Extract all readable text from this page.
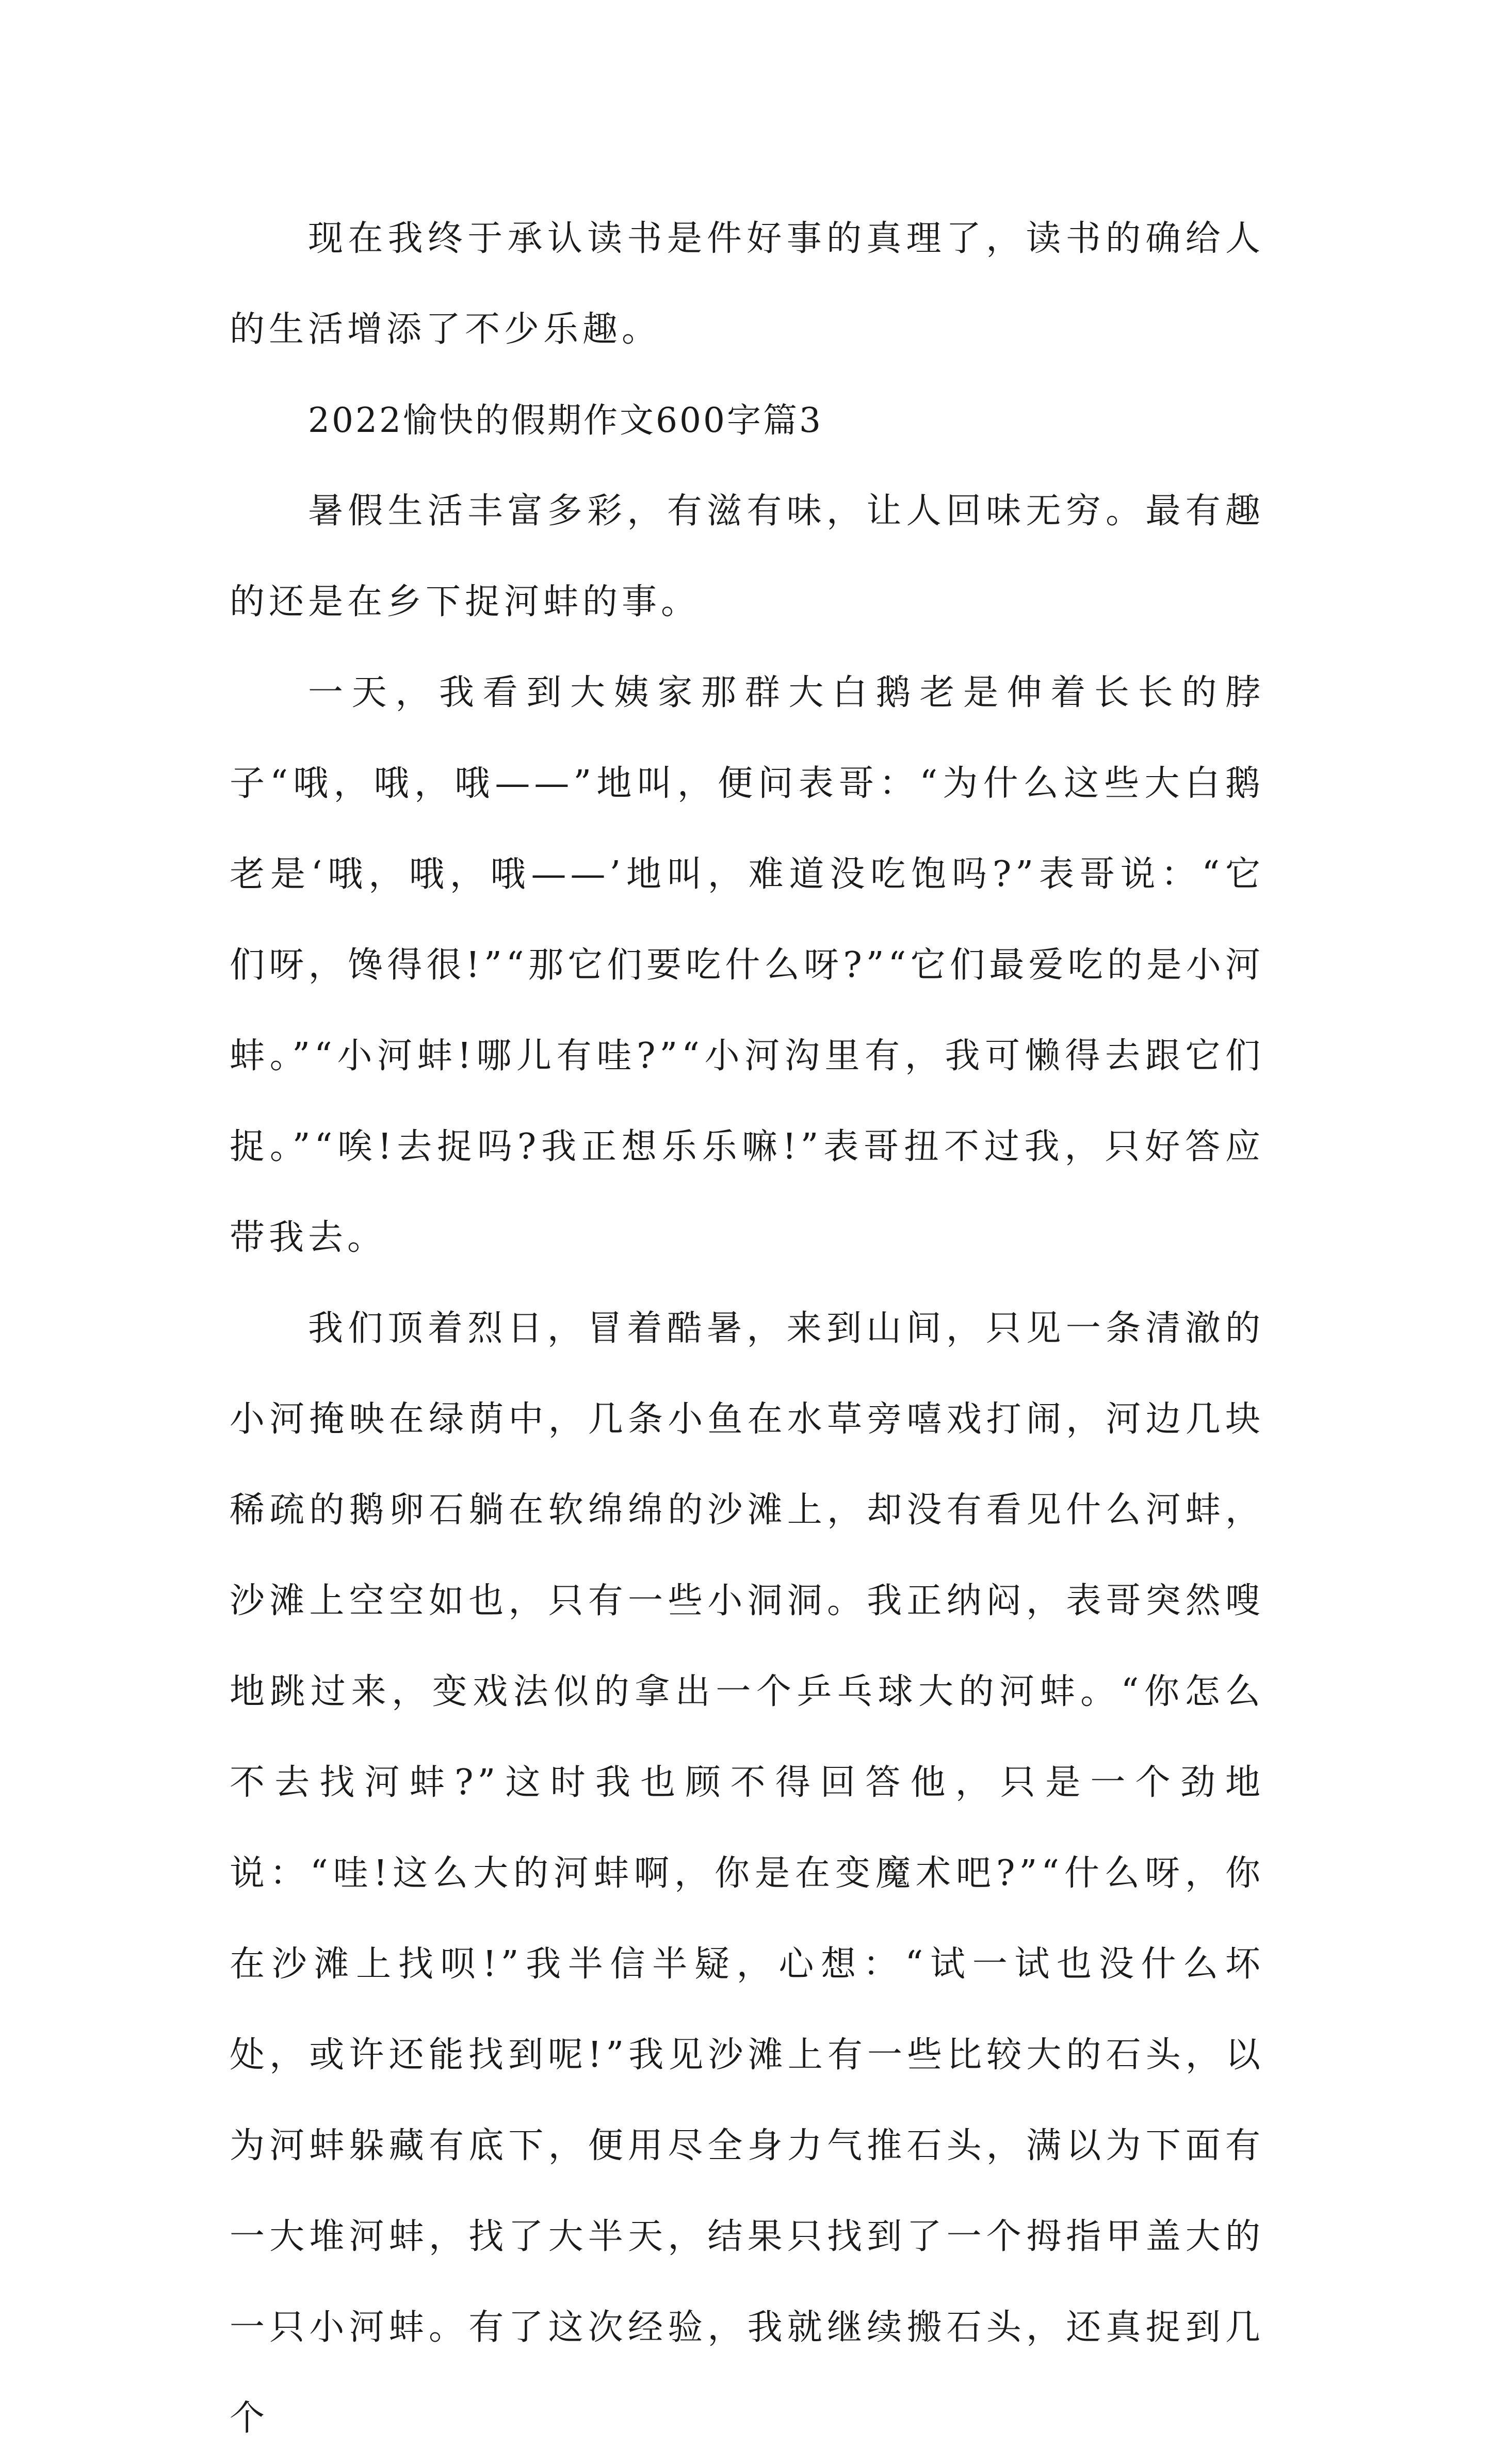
现在我终于承认读书是件好事的真理了，读书的确给人的生活增添了不少乐趣。

2022愉快的假期作文600字篇3

暑假生活丰富多彩，有滋有味，让人回味无穷。最有趣的还是在乡下捉河蚌的事。

一天，我看到大姨家那群大白鹅老是伸着长长的脖子“哦，哦，哦——”地叫，便问表哥：“为什么这些大白鹅老是‘哦，哦，哦——’地叫，难道没吃饱吗?”表哥说：“它们呀，馋得很!”“那它们要吃什么呀?”“它们最爱吃的是小河蚌。”“小河蚌!哪儿有哇?”“小河沟里有，我可懒得去跟它们捉。”“唉!去捉吗?我正想乐乐嘛!”表哥扭不过我，只好答应带我去。

我们顶着烈日，冒着酷暑，来到山间，只见一条清澈的小河掩映在绿荫中，几条小鱼在水草旁嘻戏打闹，河边几块稀疏的鹅卵石躺在软绵绵的沙滩上，却没有看见什么河蚌，沙滩上空空如也，只有一些小洞洞。我正纳闷，表哥突然嗖地跳过来，变戏法似的拿出一个乒乓球大的河蚌。“你怎么不去找河蚌?”这时我也顾不得回答他，只是一个劲地说：“哇!这么大的河蚌啊，你是在变魔术吧?”“什么呀，你在沙滩上找呗!”我半信半疑，心想：“试一试也没什么坏处，或许还能找到呢!”我见沙滩上有一些比较大的石头，以为河蚌躲藏有底下，便用尽全身力气推石头，满以为下面有一大堆河蚌，找了大半天，结果只找到了一个拇指甲盖大的一只小河蚌。有了这次经验，我就继续搬石头，还真捉到几个
